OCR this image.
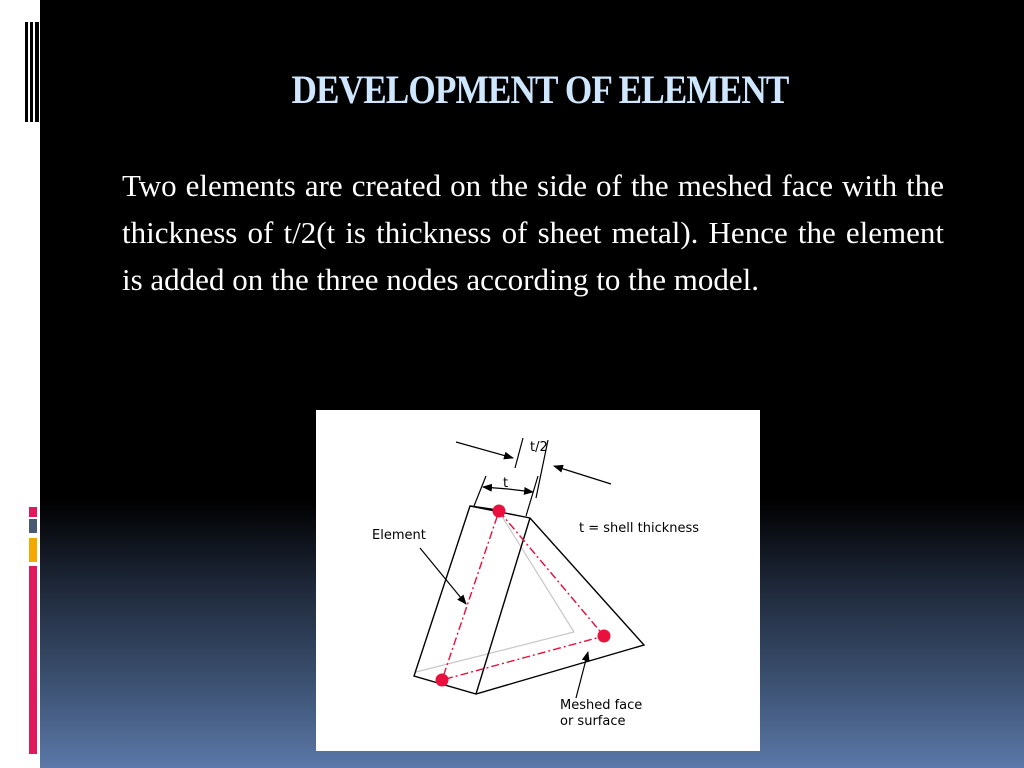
DEVELOPMENT OF ELEMENT
Two elements are created on the side of the meshed face with the thickness of t/2(t is thickness of sheet metal). Hence the element is added on the three nodes according to the model.
t/2
t
t = shell thickness
Element
Meshed face
or surface
